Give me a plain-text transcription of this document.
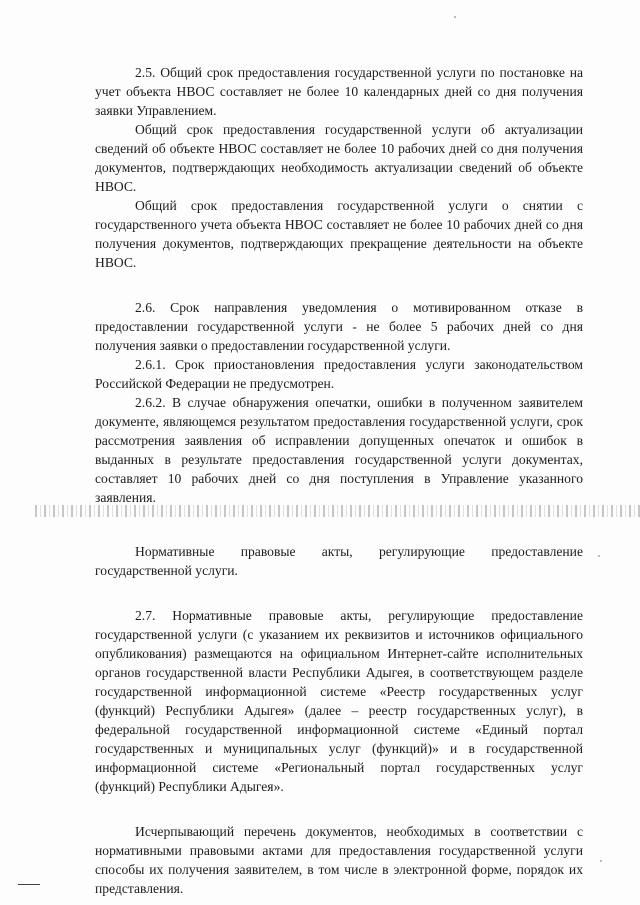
2.5. Общий срок предоставления государственной услуги по постановке на учет объекта НВОС составляет не более 10 календарных дней со дня получения заявки Управлением.

Общий срок предоставления государственной услуги об актуализации сведений об объекте НВОС составляет не более 10 рабочих дней со дня получения документов, подтверждающих необходимость актуализации сведений об объекте НВОС.

Общий срок предоставления государственной услуги о снятии с государственного учета объекта НВОС составляет не более 10 рабочих дней со дня получения документов, подтверждающих прекращение деятельности на объекте НВОС.

2.6. Срок направления уведомления о мотивированном отказе в предоставлении государственной услуги - не более 5 рабочих дней со дня получения заявки о предоставлении государственной услуги.

2.6.1. Срок приостановления предоставления услуги законодательством Российской Федерации не предусмотрен.

2.6.2. В случае обнаружения опечатки, ошибки в полученном заявителем документе, являющемся результатом предоставления государственной услуги, срок рассмотрения заявления об исправлении допущенных опечаток и ошибок в выданных в результате предоставления государственной услуги документах, составляет 10 рабочих дней со дня поступления в Управление указанного заявления.

Нормативные правовые акты, регулирующие предоставление государственной услуги.

2.7. Нормативные правовые акты, регулирующие предоставление государственной услуги (с указанием их реквизитов и источников официального опубликования) размещаются на официальном Интернет-сайте исполнительных органов государственной власти Республики Адыгея, в соответствующем разделе государственной информационной системе «Реестр государственных услуг (функций) Республики Адыгея» (далее – реестр государственных услуг), в федеральной государственной информационной системе «Единый портал государственных и муниципальных услуг (функций)» и в государственной информационной системе «Региональный портал государственных услуг (функций) Республики Адыгея».

Исчерпывающий перечень документов, необходимых в соответствии с нормативными правовыми актами для предоставления государственной услуги способы их получения заявителем, в том числе в электронной форме, порядок их представления.
